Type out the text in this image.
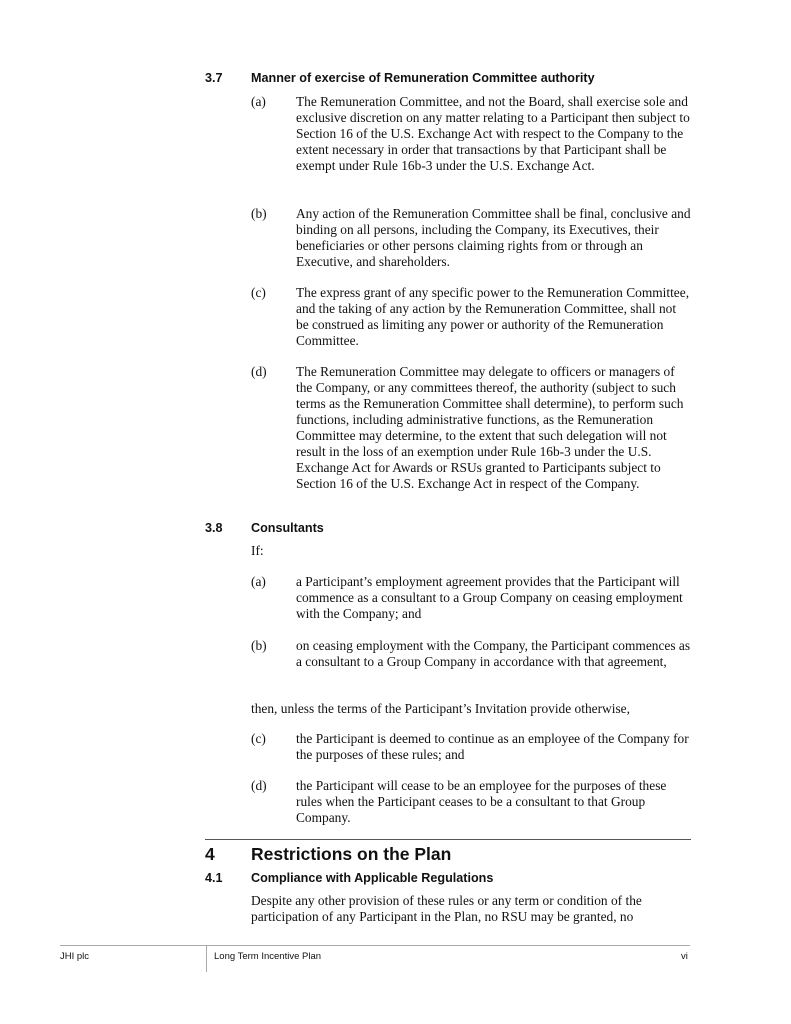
3.7 Manner of exercise of Remuneration Committee authority
(a) The Remuneration Committee, and not the Board, shall exercise sole and exclusive discretion on any matter relating to a Participant then subject to Section 16 of the U.S. Exchange Act with respect to the Company to the extent necessary in order that transactions by that Participant shall be exempt under Rule 16b-3 under the U.S. Exchange Act.
(b) Any action of the Remuneration Committee shall be final, conclusive and binding on all persons, including the Company, its Executives, their beneficiaries or other persons claiming rights from or through an Executive, and shareholders.
(c) The express grant of any specific power to the Remuneration Committee, and the taking of any action by the Remuneration Committee, shall not be construed as limiting any power or authority of the Remuneration Committee.
(d) The Remuneration Committee may delegate to officers or managers of the Company, or any committees thereof, the authority (subject to such terms as the Remuneration Committee shall determine), to perform such functions, including administrative functions, as the Remuneration Committee may determine, to the extent that such delegation will not result in the loss of an exemption under Rule 16b-3 under the U.S. Exchange Act for Awards or RSUs granted to Participants subject to Section 16 of the U.S. Exchange Act in respect of the Company.
3.8 Consultants
If:
(a) a Participant’s employment agreement provides that the Participant will commence as a consultant to a Group Company on ceasing employment with the Company; and
(b) on ceasing employment with the Company, the Participant commences as a consultant to a Group Company in accordance with that agreement,
then, unless the terms of the Participant’s Invitation provide otherwise,
(c) the Participant is deemed to continue as an employee of the Company for the purposes of these rules; and
(d) the Participant will cease to be an employee for the purposes of these rules when the Participant ceases to be a consultant to that Group Company.
4 Restrictions on the Plan
4.1 Compliance with Applicable Regulations
Despite any other provision of these rules or any term or condition of the participation of any Participant in the Plan, no RSU may be granted, no
JHI plc	Long Term Incentive Plan	vi
